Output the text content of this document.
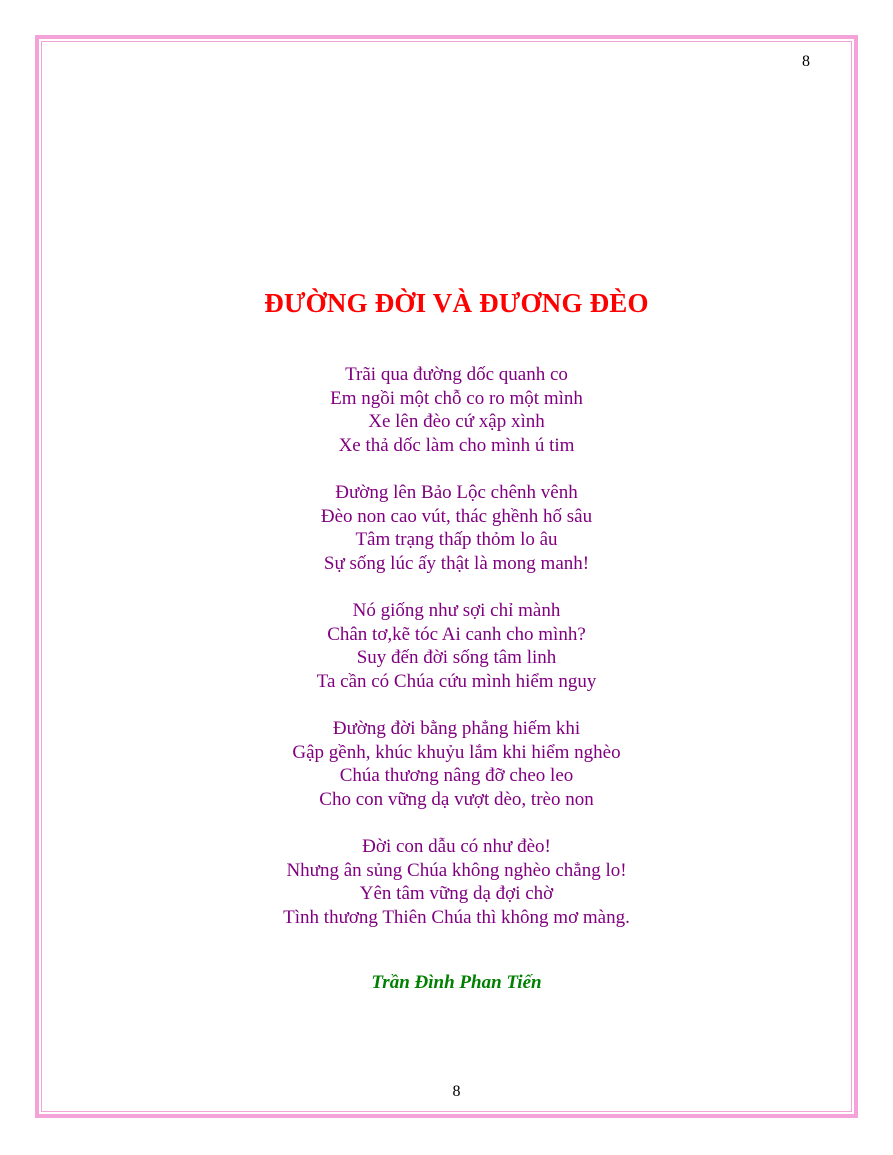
8
ĐƯỜNG ĐỜI VÀ ĐƯƠNG ĐÈO
Trãi qua đường dốc quanh co
Em ngồi một chỗ co ro một mình
Xe lên đèo cứ xập xình
Xe thả dốc làm cho mình ú tim
Đường lên Bảo Lộc chênh vênh
Đèo non cao vút, thác ghềnh hố sâu
Tâm trạng thấp thỏm lo âu
Sự sống lúc ấy thật là mong manh!
Nó giống như sợi chỉ mành
Chân tơ,kẽ tóc Ai canh cho mình?
Suy đến đời sống tâm linh
Ta cần có Chúa cứu mình hiểm nguy
Đường đời bằng phẳng hiếm khi
Gập gềnh, khúc khuỷu lắm khi hiểm nghèo
Chúa thương nâng đỡ cheo leo
Cho con vững dạ vượt dèo, trèo non
Đời con dẫu có như đèo!
Nhưng ân sủng Chúa không nghèo chẳng lo!
Yên tâm vững dạ đợi chờ
Tình thương Thiên Chúa thì không mơ màng.
Trần Đình Phan Tiến
8
